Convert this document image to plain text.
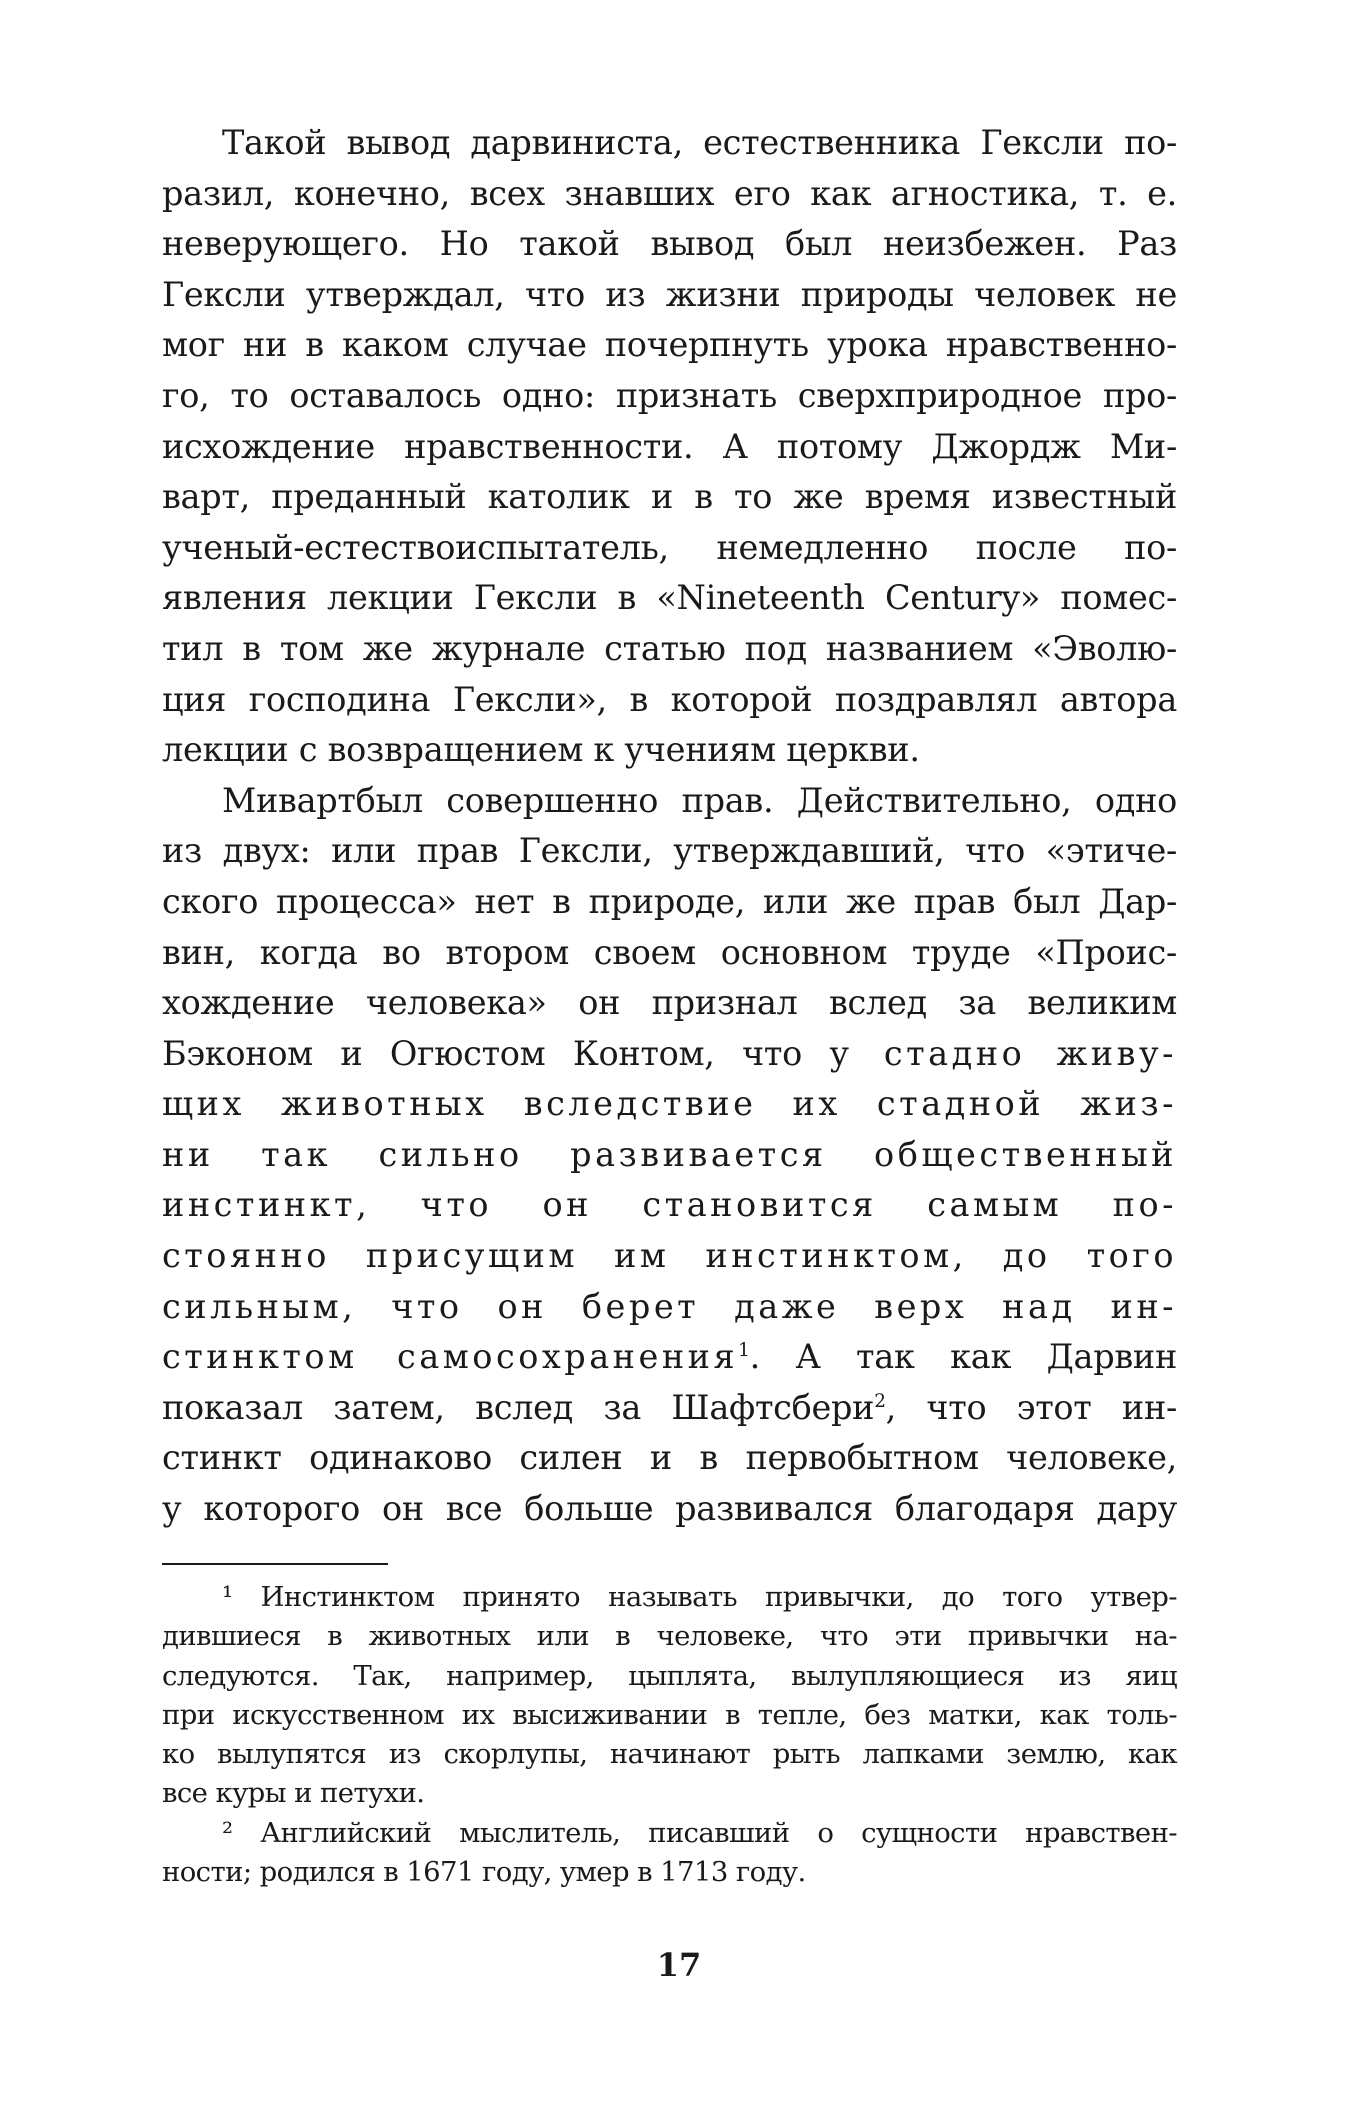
Такой вывод дарвиниста, естественника Гексли по-
разил, конечно, всех знавших его как агностика, т. е.
неверующего. Но такой вывод был неизбежен. Раз
Гексли утверждал, что из жизни природы человек не
мог ни в каком случае почерпнуть урока нравственно-
го, то оставалось одно: признать сверхприродное про-
исхождение нравственности. А потому Джордж Ми-
варт, преданный католик и в то же время известный
ученый-естествоиспытатель, немедленно после по-
явления лекции Гексли в «Nineteenth Century» помес-
тил в том же журнале статью под названием «Эволю-
ция господина Гексли», в которой поздравлял автора
лекции с возвращением к учениям церкви.
Мивартбыл совершенно прав. Действительно, одно
из двух: или прав Гексли, утверждавший, что «этиче-
ского процесса» нет в природе, или же прав был Дар-
вин, когда во втором своем основном труде «Проис-
хождение человека» он признал вслед за великим
Бэконом и Огюстом Контом, что у стадно живу-
щих животных вследствие их стадной жиз-
ни так сильно развивается общественный
инстинкт, что он становится самым по-
стоянно присущим им инстинктом, до того
сильным, что он берет даже верх над ин-
стинктом самосохранения$^1$. А так как Дарвин
показал затем, вслед за Шафтсбери$^2$, что этот ин-
стинкт одинаково силен и в первобытном человеке,
у которого он все больше развивался благодаря дару
¹ Инстинктом принято называть привычки, до того утвер-
дившиеся в животных или в человеке, что эти привычки на-
следуются. Так, например, цыплята, вылупляющиеся из яиц
при искусственном их высиживании в тепле, без матки, как толь-
ко вылупятся из скорлупы, начинают рыть лапками землю, как
все куры и петухи.
² Английский мыслитель, писавший о сущности нравствен-
ности; родился в 1671 году, умер в 1713 году.
17
